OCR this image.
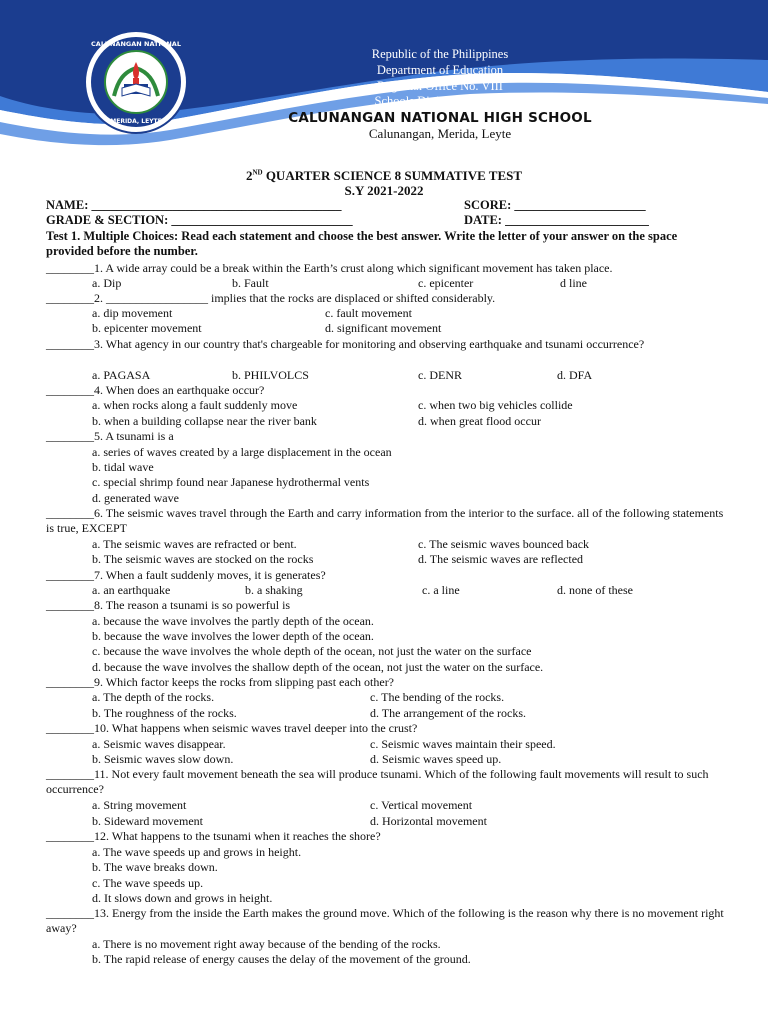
CALUNANGAN NATIONAL
MERIDA, LEYTE
Republic of the Philippines
Department of Education
Regional Office No. VIII
Schools Division of Leyte
CALUNANGAN NATIONAL HIGH SCHOOL
Calunangan, Merida, Leyte
2ND QUARTER SCIENCE 8 SUMMATIVE TEST
S.Y 2021-2022
NAME: ________________________________________	SCORE: _____________________
GRADE & SECTION: _____________________________	DATE: _______________________
Test 1. Multiple Choices: Read each statement and choose the best answer. Write the letter of your answer on the space provided before the number.
________1. A wide array could be a break within the Earth’s crust along which significant movement has taken place.
a. Dip	b. Fault	c. epicenter	d line
________2. _________________ implies that the rocks are displaced or shifted considerably.
a. dip movement	c. fault movement
b. epicenter movement	d. significant movement
________3. What agency in our country that's chargeable for monitoring and observing earthquake and tsunami occurrence?
a. PAGASA	b. PHILVOLCS	c. DENR	d. DFA
________4. When does an earthquake occur?
a. when rocks along a fault suddenly move	c. when two big vehicles collide
b. when a building collapse near the river bank	d. when great flood occur
________5. A tsunami is a
a. series of waves created by a large displacement in the ocean
b. tidal wave
c. special shrimp found near Japanese hydrothermal vents
d. generated wave
________6. The seismic waves travel through the Earth and carry information from the interior to the surface. all of the following statements is true, EXCEPT
a. The seismic waves are refracted or bent.	c. The seismic waves bounced back
b. The seismic waves are stocked on the rocks	d. The seismic waves are reflected
________7. When a fault suddenly moves, it is generates?
a. an earthquake	b. a shaking	c. a line	d. none of these
________8. The reason a tsunami is so powerful is
a. because the wave involves the partly depth of the ocean.
b. because the wave involves the lower depth of the ocean.
c. because the wave involves the whole depth of the ocean, not just the water on the surface
d. because the wave involves the shallow depth of the ocean, not just the water on the surface.
________9. Which factor keeps the rocks from slipping past each other?
a. The depth of the rocks.	c. The bending of the rocks.
b. The roughness of the rocks.	d. The arrangement of the rocks.
________10. What happens when seismic waves travel deeper into the crust?
a. Seismic waves disappear.	c. Seismic waves maintain their speed.
b. Seismic waves slow down.	d. Seismic waves speed up.
________11. Not every fault movement beneath the sea will produce tsunami. Which of the following fault movements will result to such occurrence?
a. String movement	c. Vertical movement
b. Sideward movement	d. Horizontal movement
________12. What happens to the tsunami when it reaches the shore?
a. The wave speeds up and grows in height.
b. The wave breaks down.
c. The wave speeds up.
d. It slows down and grows in height.
________13. Energy from the inside the Earth makes the ground move. Which of the following is the reason why there is no movement right away?
a. There is no movement right away because of the bending of the rocks.
b. The rapid release of energy causes the delay of the movement of the ground.
